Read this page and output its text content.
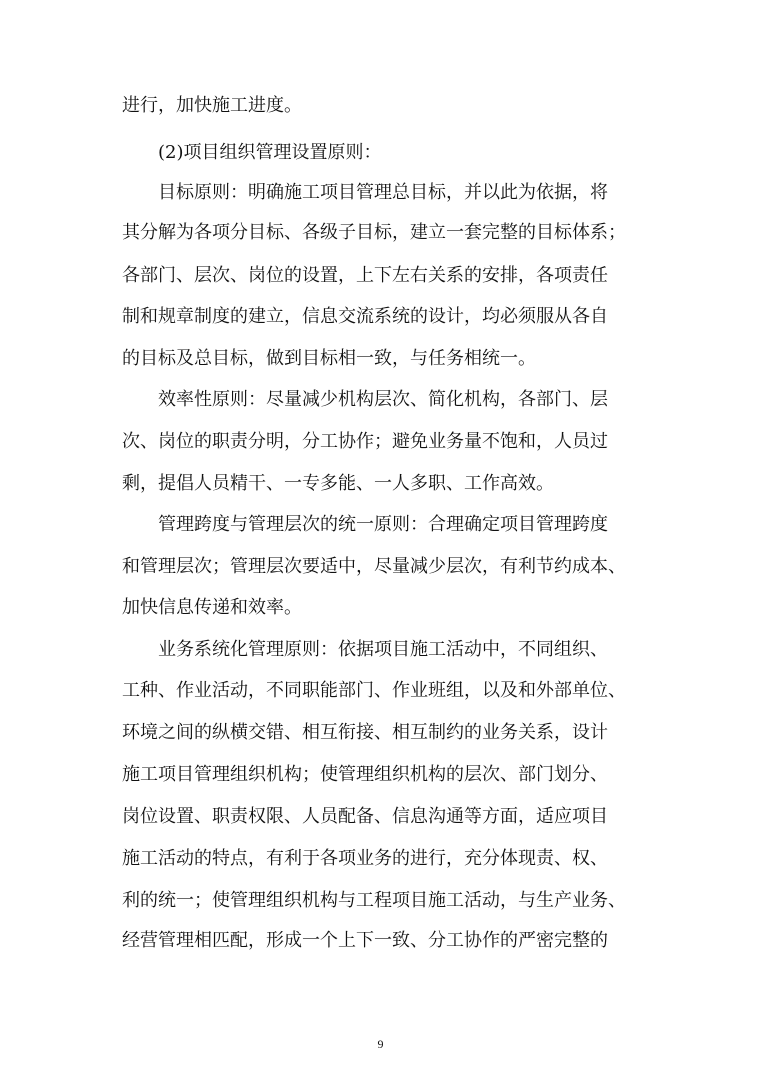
进行，加快施工进度。
(2)项目组织管理设置原则：
目标原则：明确施工项目管理总目标，并以此为依据，将
其分解为各项分目标、各级子目标，建立一套完整的目标体系；
各部门、层次、岗位的设置，上下左右关系的安排，各项责任
制和规章制度的建立，信息交流系统的设计，均必须服从各自
的目标及总目标，做到目标相一致，与任务相统一。
效率性原则：尽量减少机构层次、简化机构，各部门、层
次、岗位的职责分明，分工协作；避免业务量不饱和，人员过
剩，提倡人员精干、一专多能、一人多职、工作高效。
管理跨度与管理层次的统一原则：合理确定项目管理跨度
和管理层次；管理层次要适中，尽量减少层次，有利节约成本、
加快信息传递和效率。
业务系统化管理原则：依据项目施工活动中，不同组织、
工种、作业活动，不同职能部门、作业班组，以及和外部单位、
环境之间的纵横交错、相互衔接、相互制约的业务关系，设计
施工项目管理组织机构；使管理组织机构的层次、部门划分、
岗位设置、职责权限、人员配备、信息沟通等方面，适应项目
施工活动的特点，有利于各项业务的进行，充分体现责、权、
利的统一；使管理组织机构与工程项目施工活动，与生产业务、
经营管理相匹配，形成一个上下一致、分工协作的严密完整的
9
